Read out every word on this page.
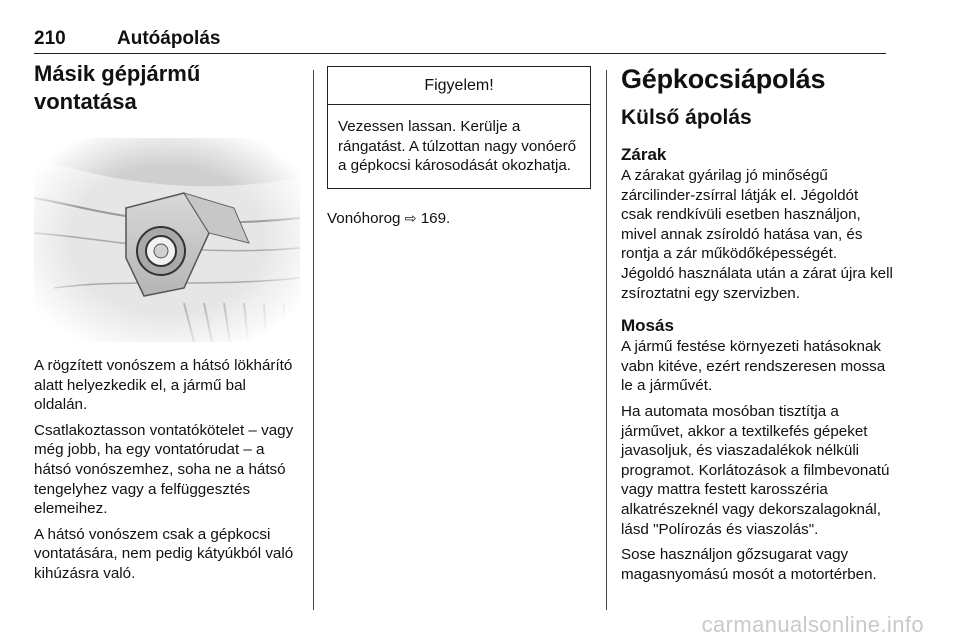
210	Autóápolás
Másik gépjármű vontatása

A rögzített vonószem a hátsó lökhárító alatt helyezkedik el, a jármű bal oldalán.

Csatlakoztasson vontatókötelet – vagy még jobb, ha egy vontatórudat – a hátsó vonószemhez, soha ne a hátsó tengelyhez vagy a felfüggesztés elemeihez.

A hátsó vonószem csak a gépkocsi vontatására, nem pedig kátyúkból való kihúzásra való.

Figyelem!

Vezessen lassan. Kerülje a rángatást. A túlzottan nagy vonóerő a gépkocsi károsodását okozhatja.

Vonóhorog ⇨ 169.

Gépkocsiápolás
Külső ápolás
Zárak

A zárakat gyárilag jó minőségű zárcilinder-zsírral látják el. Jégoldót csak rendkívüli esetben használjon, mivel annak zsíroldó hatása van, és rontja a zár működőképességét. Jégoldó használata után a zárat újra kell zsíroztatni egy szervizben.

Mosás

A jármű festése környezeti hatásoknak vabn kitéve, ezért rendszeresen mossa le a járművét.

Ha automata mosóban tisztítja a járművet, akkor a textilkefés gépeket javasoljuk, és viaszadalékok nélküli programot. Korlátozások a filmbevonatú vagy mattra festett karosszéria alkatrészeknél vagy dekorszalagoknál, lásd "Polírozás és viaszolás".

Sose használjon gőzsugarat vagy magasnyomású mosót a motortérben.

carmanualsonline.info
